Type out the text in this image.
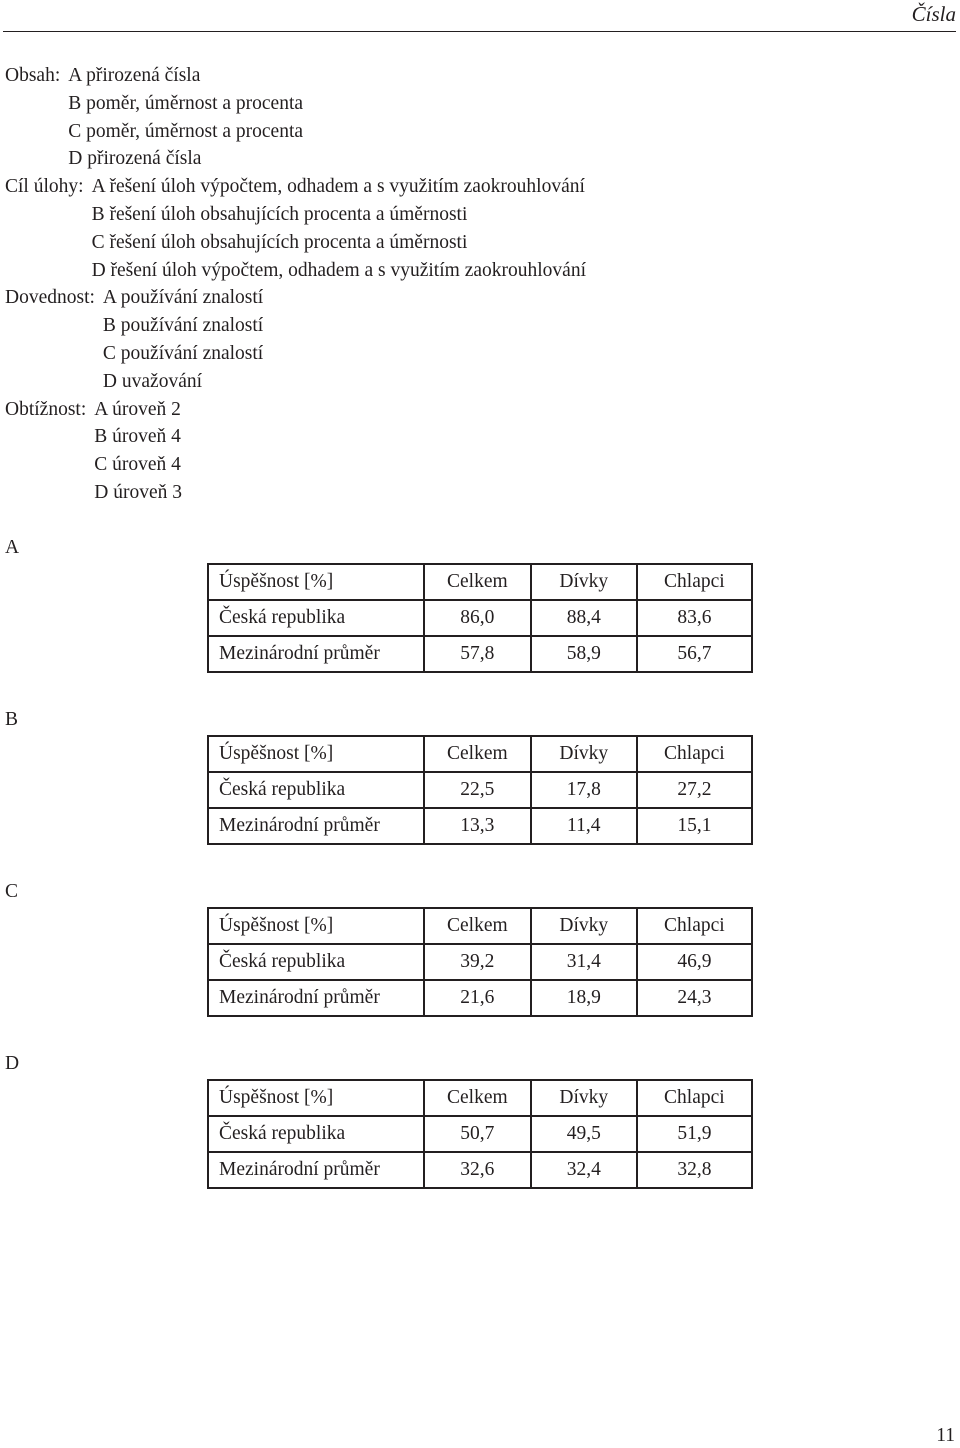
Čísla
Obsah: A přirozená čísla
B poměr, úměrnost a procenta
C poměr, úměrnost a procenta
D přirozená čísla
Cíl úlohy: A řešení úloh výpočtem, odhadem a s využitím zaokrouhlování
B řešení úloh obsahujících procenta a úměrnosti
C řešení úloh obsahujících procenta a úměrnosti
D řešení úloh výpočtem, odhadem a s využitím zaokrouhlování
Dovednost: A používání znalostí
B používání znalostí
C používání znalostí
D uvažování
Obtížnost: A úroveň 2
B úroveň 4
C úroveň 4
D úroveň 3
A
Úspěšnost [%]	Celkem	Dívky	Chlapci
Česká republika	86,0	88,4	83,6
Mezinárodní průměr	57,8	58,9	56,7
B
Úspěšnost [%]	Celkem	Dívky	Chlapci
Česká republika	22,5	17,8	27,2
Mezinárodní průměr	13,3	11,4	15,1
C
Úspěšnost [%]	Celkem	Dívky	Chlapci
Česká republika	39,2	31,4	46,9
Mezinárodní průměr	21,6	18,9	24,3
D
Úspěšnost [%]	Celkem	Dívky	Chlapci
Česká republika	50,7	49,5	51,9
Mezinárodní průměr	32,6	32,4	32,8
11
